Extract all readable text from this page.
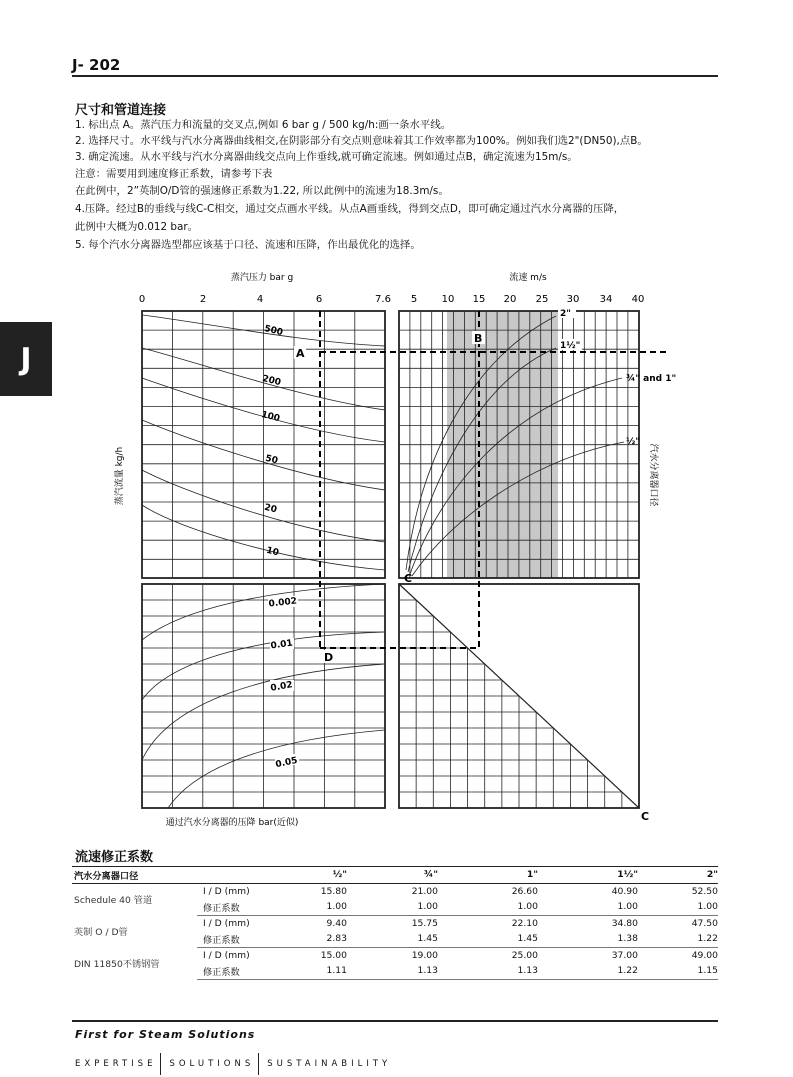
J- 202
J
尺寸和管道连接
1. 标出点 A。蒸汽压力和流量的交叉点,例如 6 bar g / 500 kg/h:画一条水平线。
2. 选择尺寸。水平线与汽水分离器曲线相交,在阴影部分有交点则意味着其工作效率都为100%。例如我们选2"(DN50),点B。
3. 确定流速。从水平线与汽水分离器曲线交点向上作垂线,就可确定流速。例如通过点B，确定流速为15m/s。
注意：需要用到速度修正系数，请参考下表
在此例中，2”英制O/D管的强速修正系数为1.22, 所以此例中的流速为18.3m/s。
4.压降。经过B的垂线与线C-C相交，通过交点画水平线。从点A画垂线，得到交点D，即可确定通过汽水分离器的压降，
此例中大概为0.012 bar。
5. 每个汽水分离器选型都应该基于口径、流速和压降，作出最优化的选择。
蒸汽压力 bar g	流速 m/s
蒸汽流量 kg/h	汽水分离器口径
通过汽水分离器的压降 bar(近似)
0	2	4	6	7.6 5 10 15 20 25 30 34 40
500
200
100
50
20
10
2"
1½"
¾" and 1"
½"
0.002
0.01
0.02
0.05
A
B
C
C
D
流速修正系数
汽水分离器口径		½"	¾"	1"	1½"	2"
Schedule 40 管道	I / D (mm)	15.80	21.00	26.60	40.90	52.50
	修正系数	1.00	1.00	1.00	1.00	1.00
英制 O / D管	I / D (mm)	9.40	15.75	22.10	34.80	47.50
	修正系数	2.83	1.45	1.45	1.38	1.22
DIN 11850不锈钢管	I / D (mm)	15.00	19.00	25.00	37.00	49.00
	修正系数	1.11	1.13	1.13	1.22	1.15
First for Steam Solutions
EXPERTISE SOLUTIONS SUSTAINABILITY
